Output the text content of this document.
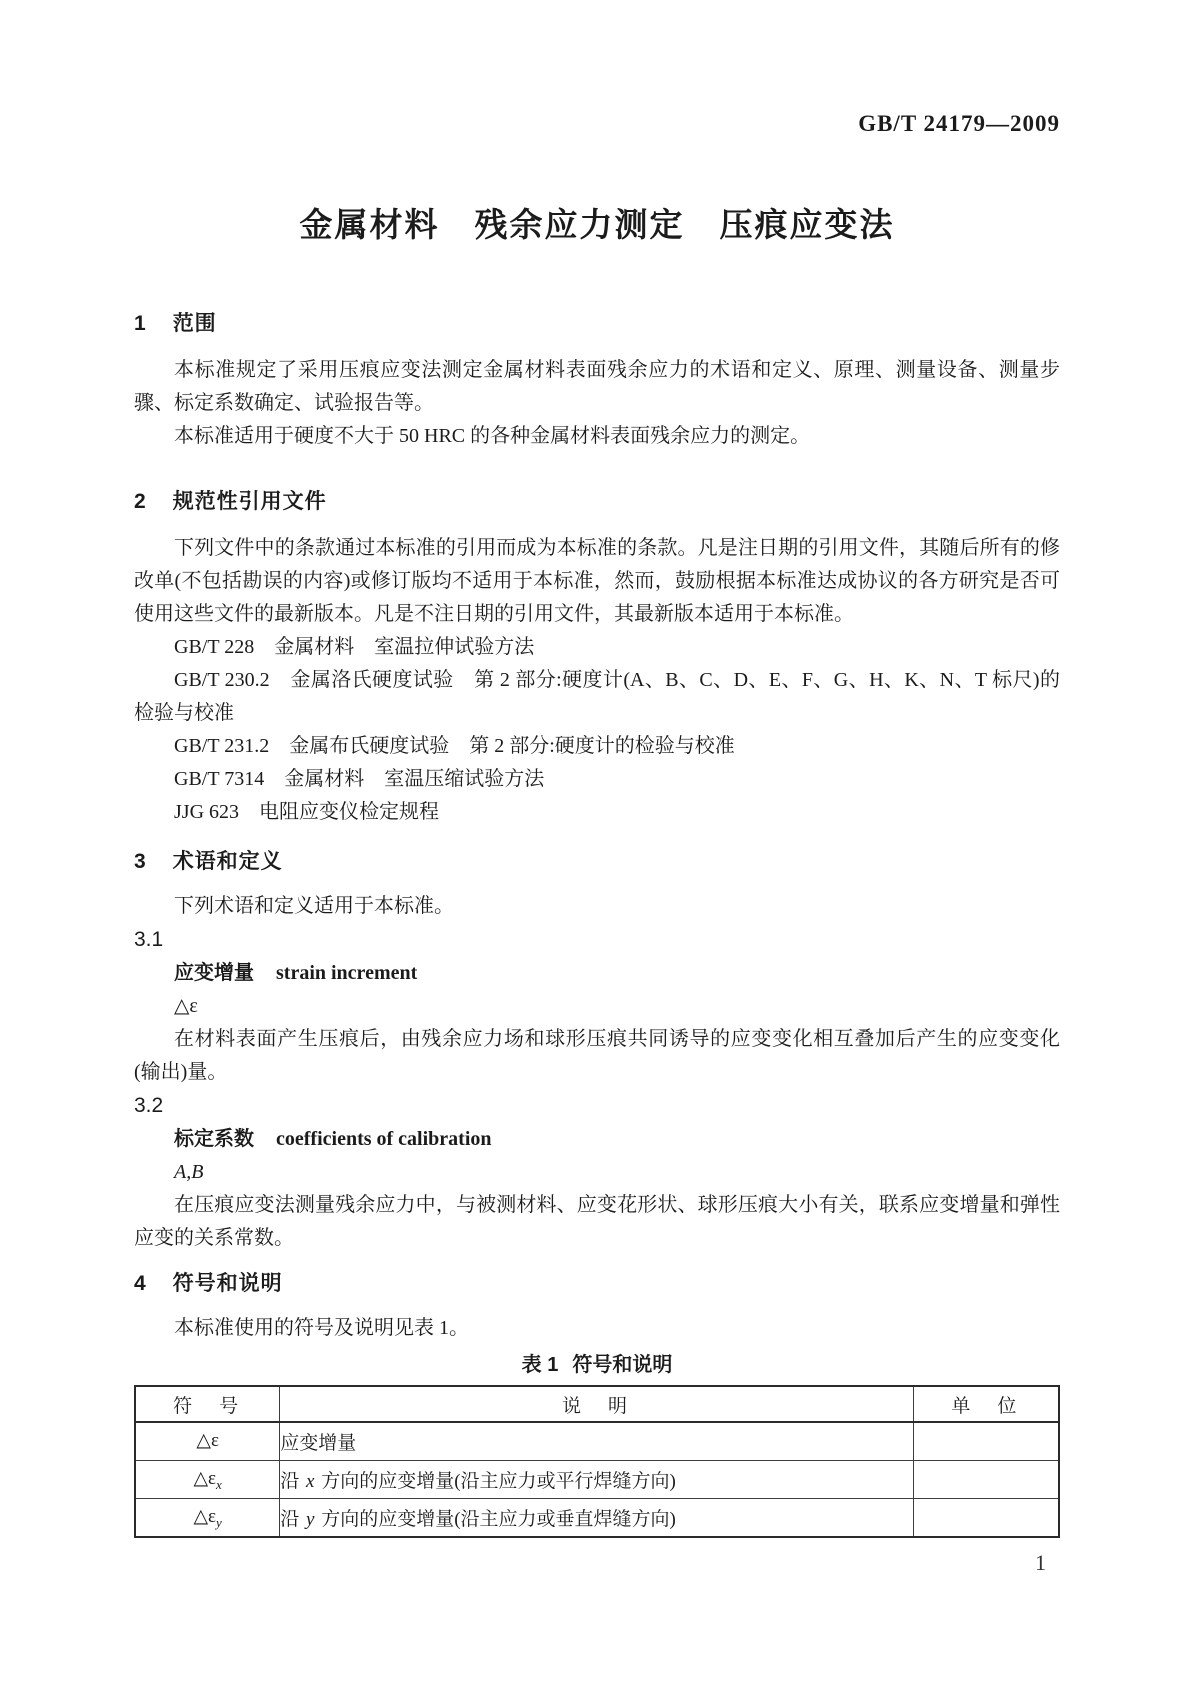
GB/T 24179—2009
金属材料　残余应力测定　压痕应变法
1 范围

本标准规定了采用压痕应变法测定金属材料表面残余应力的术语和定义、原理、测量设备、测量步骤、标定系数确定、试验报告等。

本标准适用于硬度不大于 50 HRC 的各种金属材料表面残余应力的测定。

2 规范性引用文件

下列文件中的条款通过本标准的引用而成为本标准的条款。凡是注日期的引用文件，其随后所有的修改单(不包括勘误的内容)或修订版均不适用于本标准，然而，鼓励根据本标准达成协议的各方研究是否可使用这些文件的最新版本。凡是不注日期的引用文件，其最新版本适用于本标准。

GB/T 228　金属材料　室温拉伸试验方法

GB/T 230.2　金属洛氏硬度试验　第 2 部分:硬度计(A、B、C、D、E、F、G、H、K、N、T 标尺)的检验与校准

GB/T 231.2　金属布氏硬度试验　第 2 部分:硬度计的检验与校准

GB/T 7314　金属材料　室温压缩试验方法

JJG 623　电阻应变仪检定规程

3 术语和定义

下列术语和定义适用于本标准。

3.1

应变增量 strain increment

△ε

在材料表面产生压痕后，由残余应力场和球形压痕共同诱导的应变变化相互叠加后产生的应变变化(输出)量。

3.2

标定系数 coefficients of calibration

A,B

在压痕应变法测量残余应力中，与被测材料、应变花形状、球形压痕大小有关，联系应变增量和弹性应变的关系常数。

4 符号和说明

本标准使用的符号及说明见表 1。

表 1 符号和说明
符　号	说　明	单　位
△ε	应变增量	
$\triangle\varepsilon_x$	沿 x 方向的应变增量(沿主应力或平行焊缝方向)	
$\triangle\varepsilon_y$	沿 y 方向的应变增量(沿主应力或垂直焊缝方向)	
1
